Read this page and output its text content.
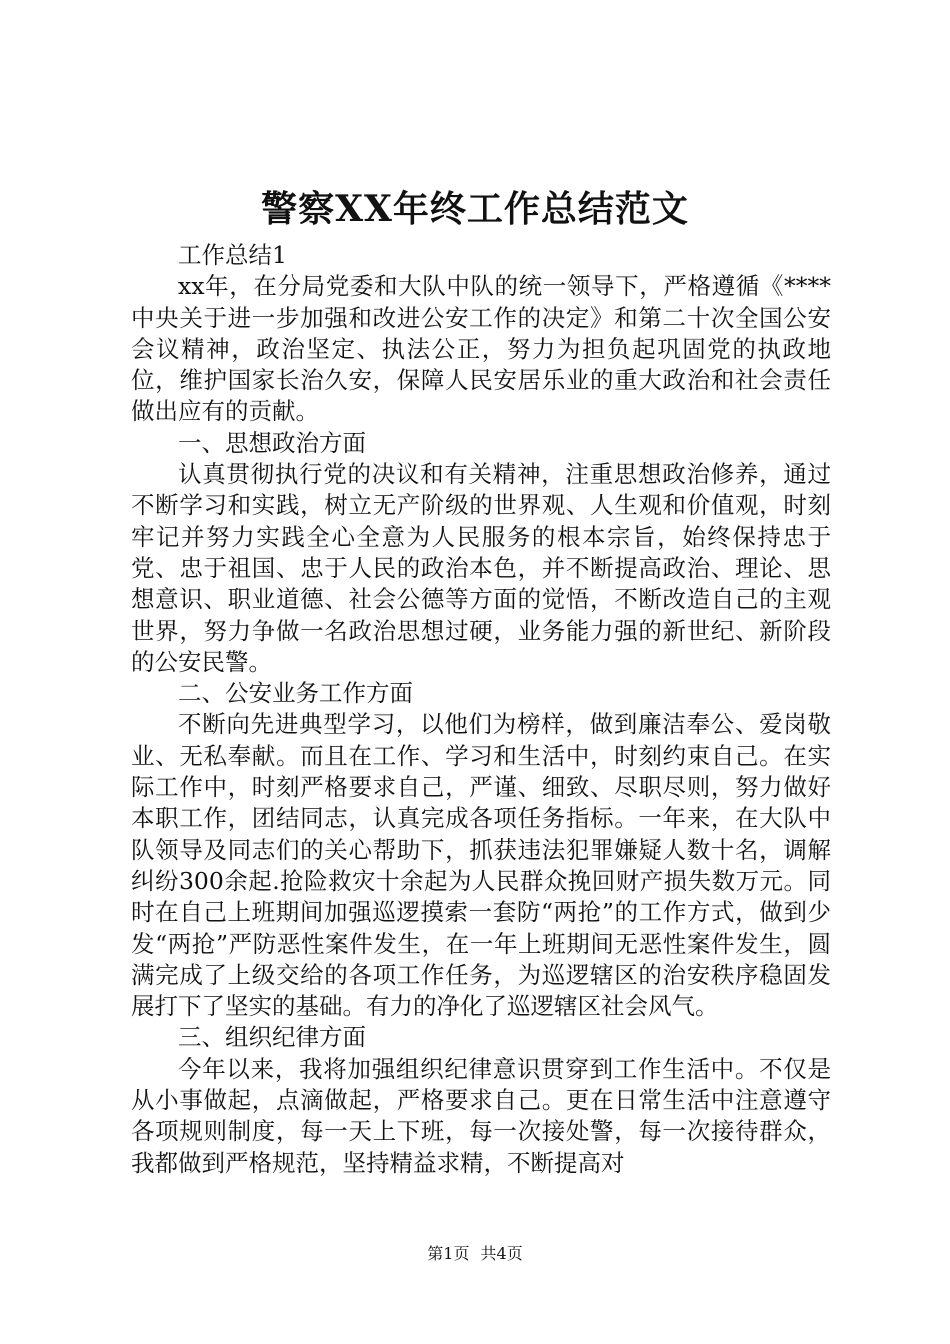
警察XX年终工作总结范文

工作总结1

xx年，在分局党委和大队中队的统一领导下，严格遵循《****中央关于进一步加强和改进公安工作的决定》和第二十次全国公安会议精神，政治坚定、执法公正，努力为担负起巩固党的执政地位，维护国家长治久安，保障人民安居乐业的重大政治和社会责任做出应有的贡献。

一、思想政治方面

认真贯彻执行党的决议和有关精神，注重思想政治修养，通过不断学习和实践，树立无产阶级的世界观、人生观和价值观，时刻牢记并努力实践全心全意为人民服务的根本宗旨，始终保持忠于党、忠于祖国、忠于人民的政治本色，并不断提高政治、理论、思想意识、职业道德、社会公德等方面的觉悟，不断改造自己的主观世界，努力争做一名政治思想过硬，业务能力强的新世纪、新阶段的公安民警。

二、公安业务工作方面

不断向先进典型学习，以他们为榜样，做到廉洁奉公、爱岗敬业、无私奉献。而且在工作、学习和生活中，时刻约束自己。在实际工作中，时刻严格要求自己，严谨、细致、尽职尽则，努力做好本职工作，团结同志，认真完成各项任务指标。一年来，在大队中队领导及同志们的关心帮助下，抓获违法犯罪嫌疑人数十名，调解纠纷300余起.抢险救灾十余起为人民群众挽回财产损失数万元。同时在自己上班期间加强巡逻摸索一套防“两抢”的工作方式，做到少发“两抢”严防恶性案件发生，在一年上班期间无恶性案件发生，圆满完成了上级交给的各项工作任务，为巡逻辖区的治安秩序稳固发展打下了坚实的基础。有力的净化了巡逻辖区社会风气。

三、组织纪律方面

今年以来，我将加强组织纪律意识贯穿到工作生活中。不仅是从小事做起，点滴做起，严格要求自己。更在日常生活中注意遵守各项规则制度，每一天上下班，每一次接处警，每一次接待群众，我都做到严格规范，坚持精益求精，不断提高对

第1页 共4页
